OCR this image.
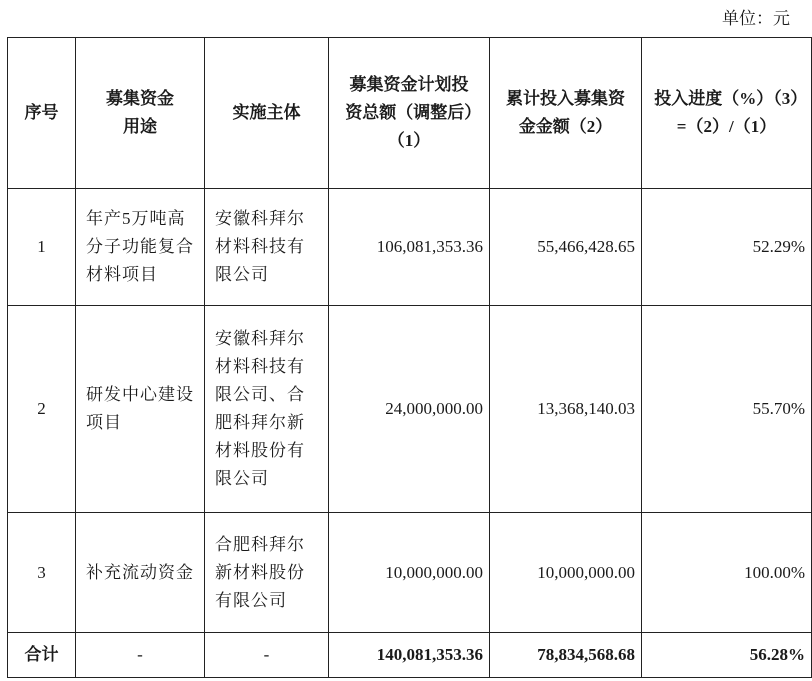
单位：元
序号	募集资金用途	实施主体	募集资金计划投资总额（调整后）（1）	累计投入募集资金金额（2）	投入进度（%）（3）=（2）/（1）
1	年产5万吨高分子功能复合材料项目	安徽科拜尔材料科技有限公司	106,081,353.36	55,466,428.65	52.29%
2	研发中心建设项目	安徽科拜尔材料科技有限公司、合肥科拜尔新材料股份有限公司	24,000,000.00	13,368,140.03	55.70%
3	补充流动资金	合肥科拜尔新材料股份有限公司	10,000,000.00	10,000,000.00	100.00%
合计	-	-	140,081,353.36	78,834,568.68	56.28%
